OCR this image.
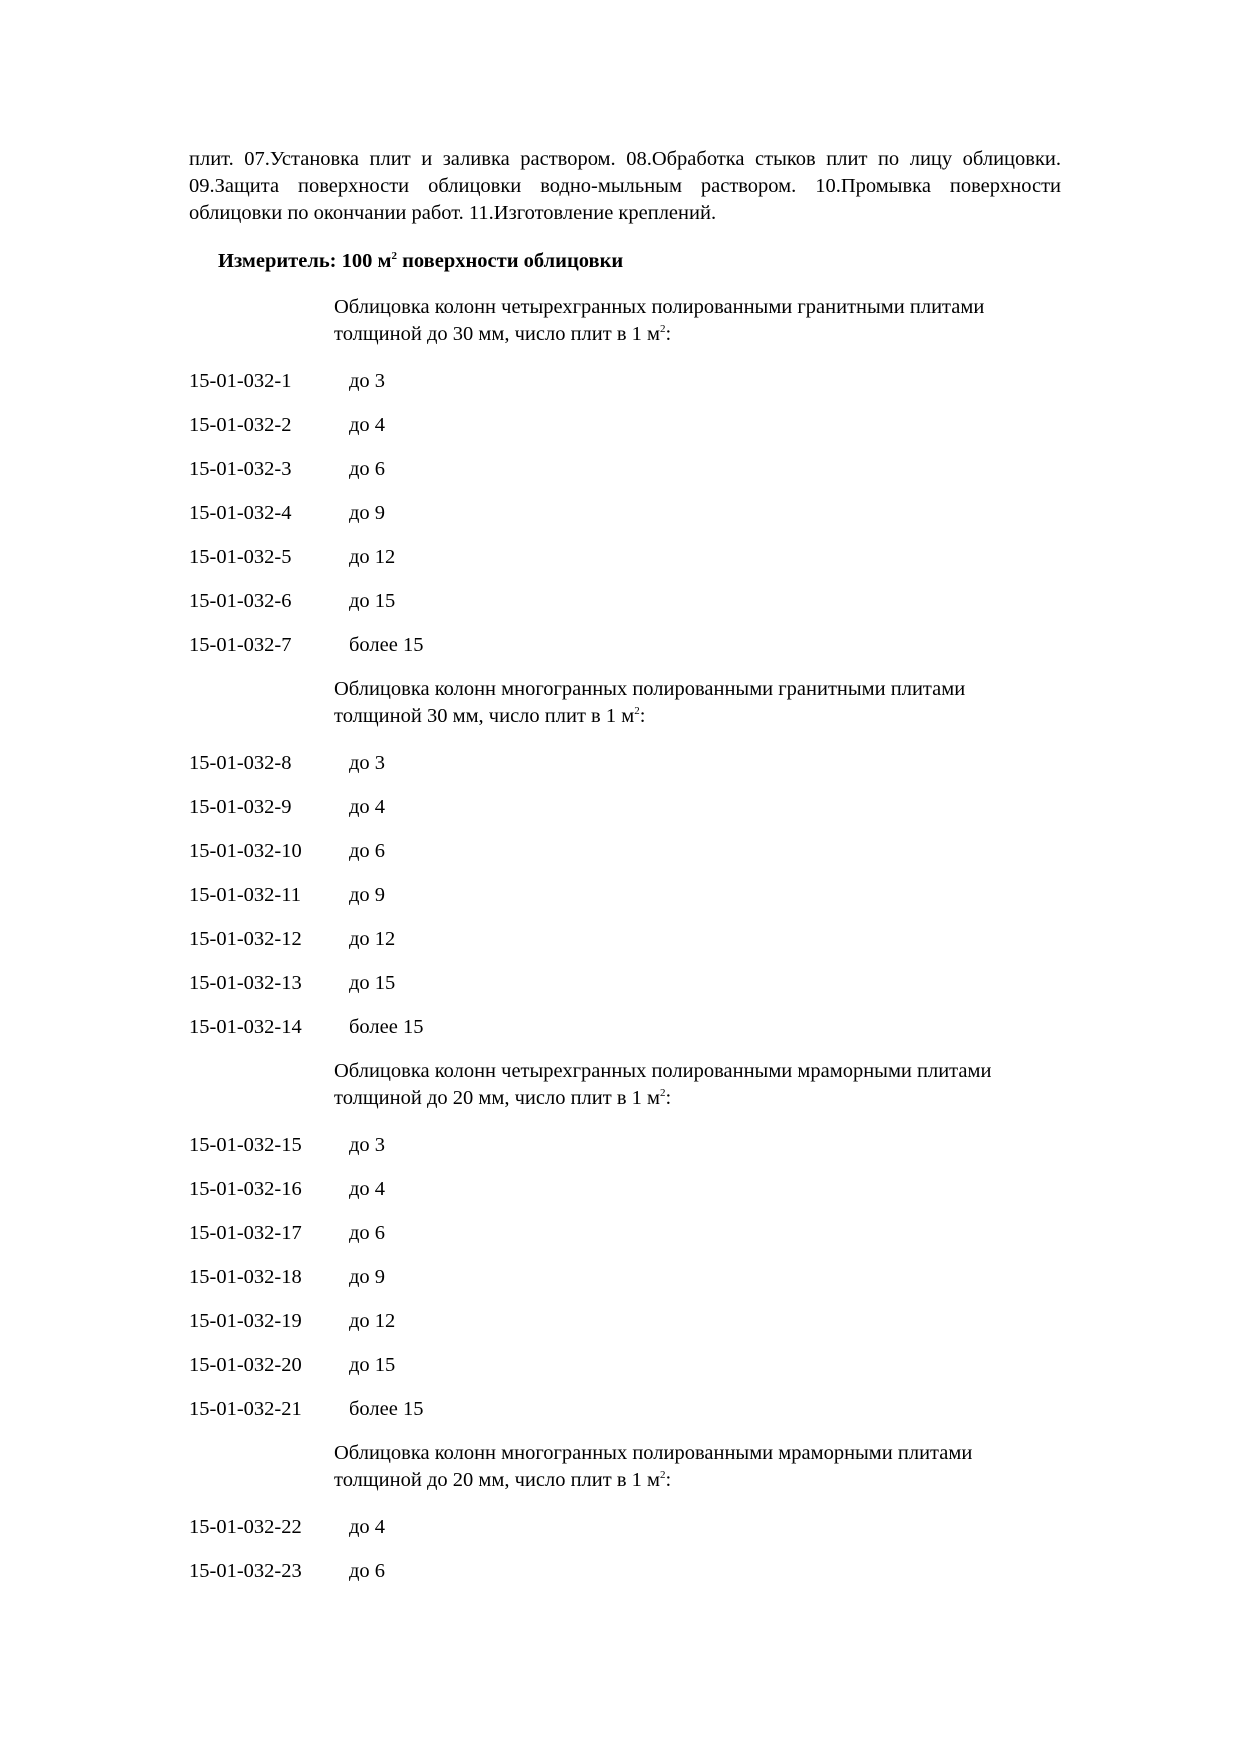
плит. 07.Установка плит и заливка раствором. 08.Обработка стыков плит по лицу облицовки.
09.Защита поверхности облицовки водно-мыльным раствором. 10.Промывка поверхности
облицовки по окончании работ. 11.Изготовление креплений.

Измеритель: 100 $м^2$ поверхности облицовки

Облицовка колонн четырехгранных полированными гранитными плитами
толщиной до 30 мм, число плит в 1 $м^2$:

15-01-032-1	до 3
15-01-032-2	до 4
15-01-032-3	до 6
15-01-032-4	до 9
15-01-032-5	до 12
15-01-032-6	до 15
15-01-032-7	более 15

Облицовка колонн многогранных полированными гранитными плитами
толщиной 30 мм, число плит в 1 $м^2$:

15-01-032-8	до 3
15-01-032-9	до 4
15-01-032-10 до 6
15-01-032-11 до 9
15-01-032-12 до 12
15-01-032-13 до 15
15-01-032-14 более 15

Облицовка колонн четырехгранных полированными мраморными плитами
толщиной до 20 мм, число плит в 1 $м^2$:

15-01-032-15 до 3
15-01-032-16 до 4
15-01-032-17 до 6
15-01-032-18 до 9
15-01-032-19 до 12
15-01-032-20 до 15
15-01-032-21 более 15

Облицовка колонн многогранных полированными мраморными плитами
толщиной до 20 мм, число плит в 1 $м^2$:

15-01-032-22 до 4
15-01-032-23 до 6
